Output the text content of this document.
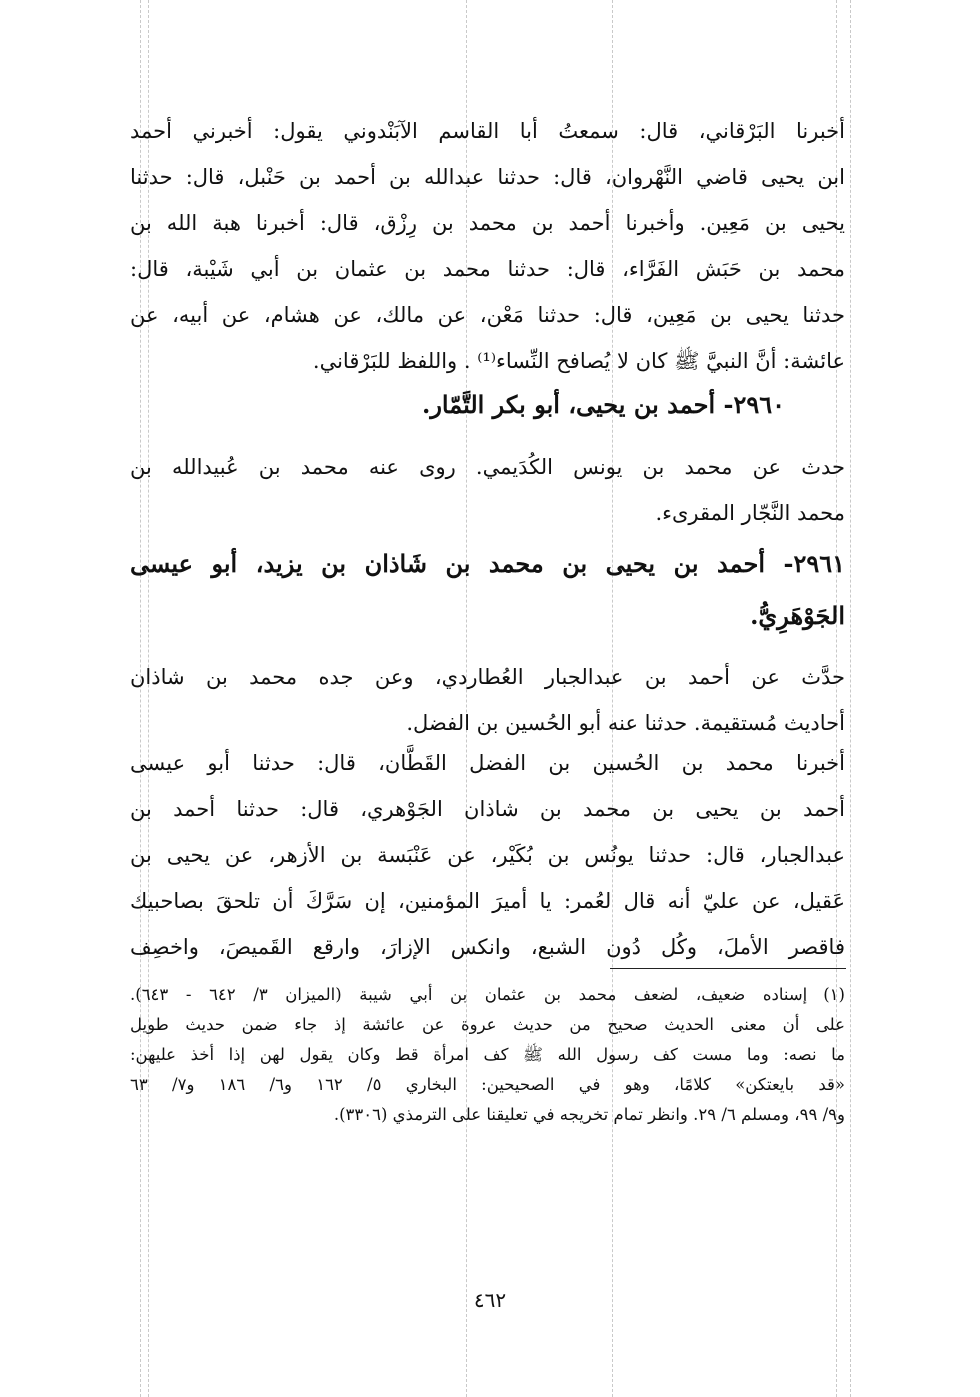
أخبرنا البَرْقاني، قال: سمعتُ أبا القاسم الآبَنْدوني يقول: أخبرني أحمد
ابن يحيى قاضي النَّهْروان، قال: حدثنا عبدالله بن أحمد بن حَنْبل، قال: حدثنا
يحيى بن مَعِين. وأخبرنا أحمد بن محمد بن رِزْق، قال: أخبرنا هبة الله بن
محمد بن حَبَش الفَرَّاء، قال: حدثنا محمد بن عثمان بن أبي شَيْبة، قال:
حدثنا يحيى بن مَعِين، قال: حدثنا مَعْن، عن مالك، عن هشام، عن أبيه، عن
عائشة: أنَّ النبيَّ ﷺ كان لا يُصافح النِّساء⁽¹⁾ . واللفظ للبَرْقاني.
٢٩٦٠- أحمد بن يحيى، أبو بكر التَّمّار.
حدث عن محمد بن يونس الكُدَيمي. روى عنه محمد بن عُبيدالله بن
محمد النَّجّار المقرىء.
٢٩٦١- أحمد بن يحيى بن محمد بن شَاذان بن يزيد، أبو عيسى
الجَوْهَرِيُّ.
حدَّث عن أحمد بن عبدالجبار العُطاردي، وعن جده محمد بن شاذان
أحاديث مُستقيمة. حدثنا عنه أبو الحُسين بن الفضل.
أخبرنا محمد بن الحُسين بن الفضل القَطَّان، قال: حدثنا أبو عيسى
أحمد بن يحيى بن محمد بن شاذان الجَوْهري، قال: حدثنا أحمد بن
عبدالجبار، قال: حدثنا يونُس بن بُكَيْر، عن عَنْبَسة بن الأزهر، عن يحيى بن
عَقيل، عن عليّ أنه قال لعُمر: يا أميرَ المؤمنين، إن سَرَّكَ أن تلحقَ بصاحبيك
فاقصر الأملَ، وكُل دُون الشبع، وانكس الإزارَ، وارقع القَميصَ، واخصِف
(١)إسناده ضعيف، لضعف محمد بن عثمان بن أبي شيبة (الميزان ٣/ ٦٤٢ - ٦٤٣).
على أن معنى الحديث صحيح من حديث عروة عن عائشة إذ جاء ضمن حديث طويل
ما نصه: وما مست كف رسول الله ﷺ كف امرأة قط وكان يقول لهن إذا أخذ عليهن:
«قد بايعتكن» كلامًا، وهو في الصحيحين: البخاري ٥/ ١٦٢ و٦/ ١٨٦ و٧/ ٦٣
و٩/ ٩٩، ومسلم ٦/ ٢٩. وانظر تمام تخريجه في تعليقنا على الترمذي (٣٣٠٦).
٤٦٢
